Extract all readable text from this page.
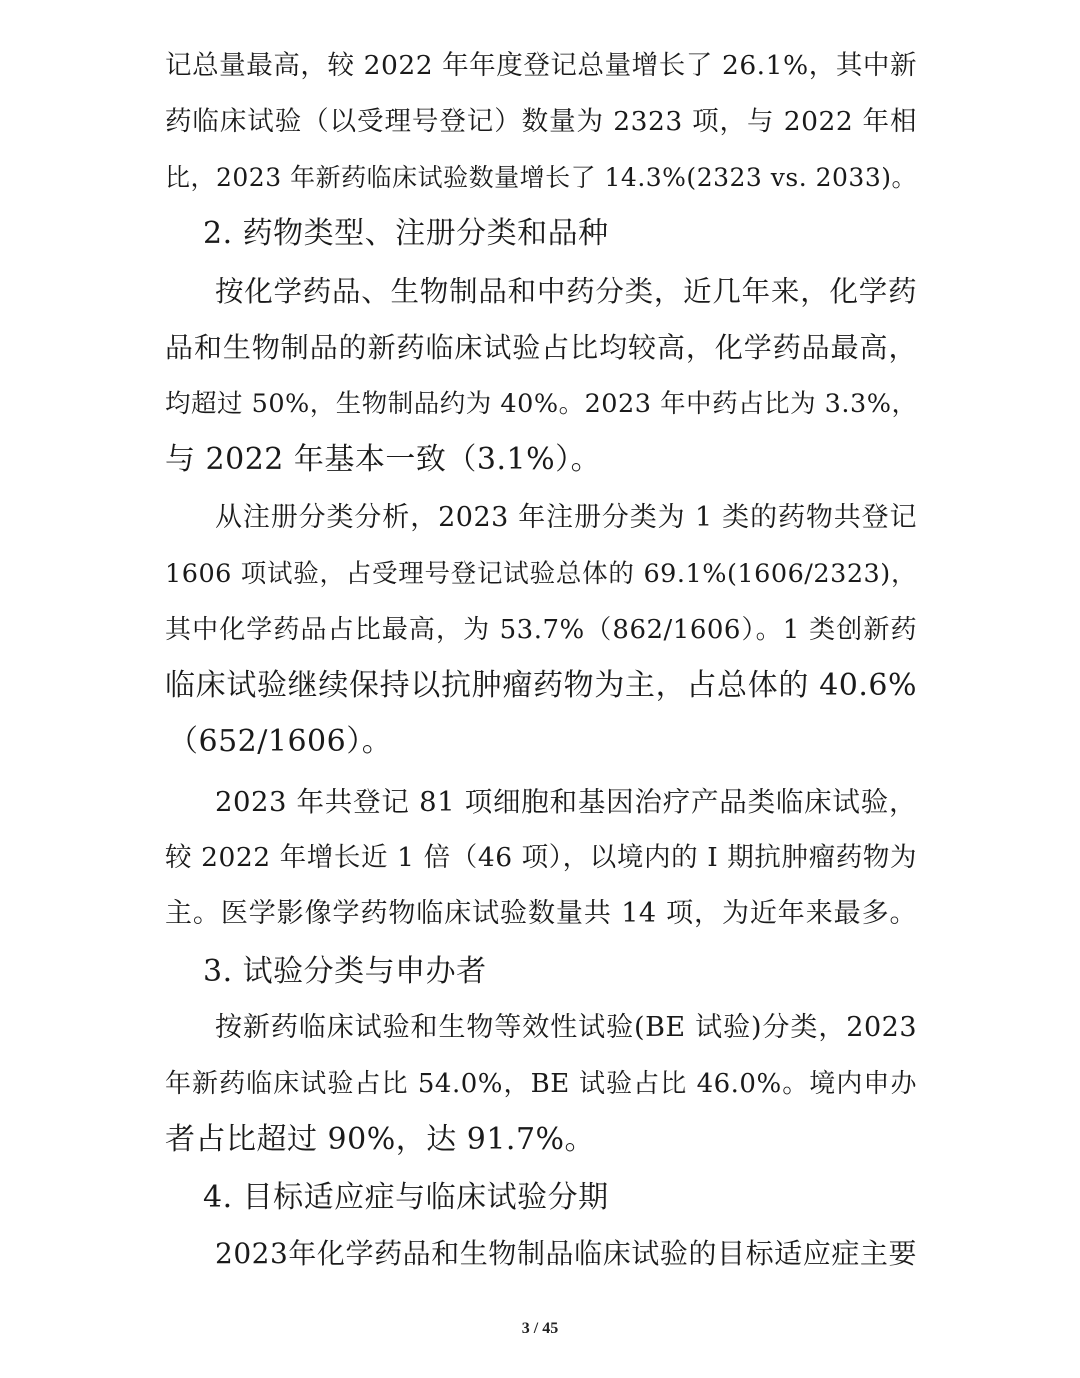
记总量最高，较 2022 年年度登记总量增长了 26.1%，其中新
药临床试验（以受理号登记）数量为 2323 项，与 2022 年相
比，2023 年新药临床试验数量增长了 14.3%(2323 vs. 2033)。
2. 药物类型、注册分类和品种
按化学药品、生物制品和中药分类，近几年来，化学药
品和生物制品的新药临床试验占比均较高，化学药品最高，
均超过 50%，生物制品约为 40%。2023 年中药占比为 3.3%，
与 2022 年基本一致（3.1%）。
从注册分类分析，2023 年注册分类为 1 类的药物共登记
1606 项试验，占受理号登记试验总体的 69.1%(1606/2323)，
其中化学药品占比最高，为 53.7%（862/1606）。1 类创新药
临床试验继续保持以抗肿瘤药物为主，占总体的 40.6%
（652/1606）。
2023 年共登记 81 项细胞和基因治疗产品类临床试验，
较 2022 年增长近 1 倍（46 项），以境内的 I 期抗肿瘤药物为
主。医学影像学药物临床试验数量共 14 项，为近年来最多。
3. 试验分类与申办者
按新药临床试验和生物等效性试验(BE 试验)分类，2023
年新药临床试验占比 54.0%，BE 试验占比 46.0%。境内申办
者占比超过 90%，达 91.7%。
4. 目标适应症与临床试验分期
2023年化学药品和生物制品临床试验的目标适应症主要
3 / 45
